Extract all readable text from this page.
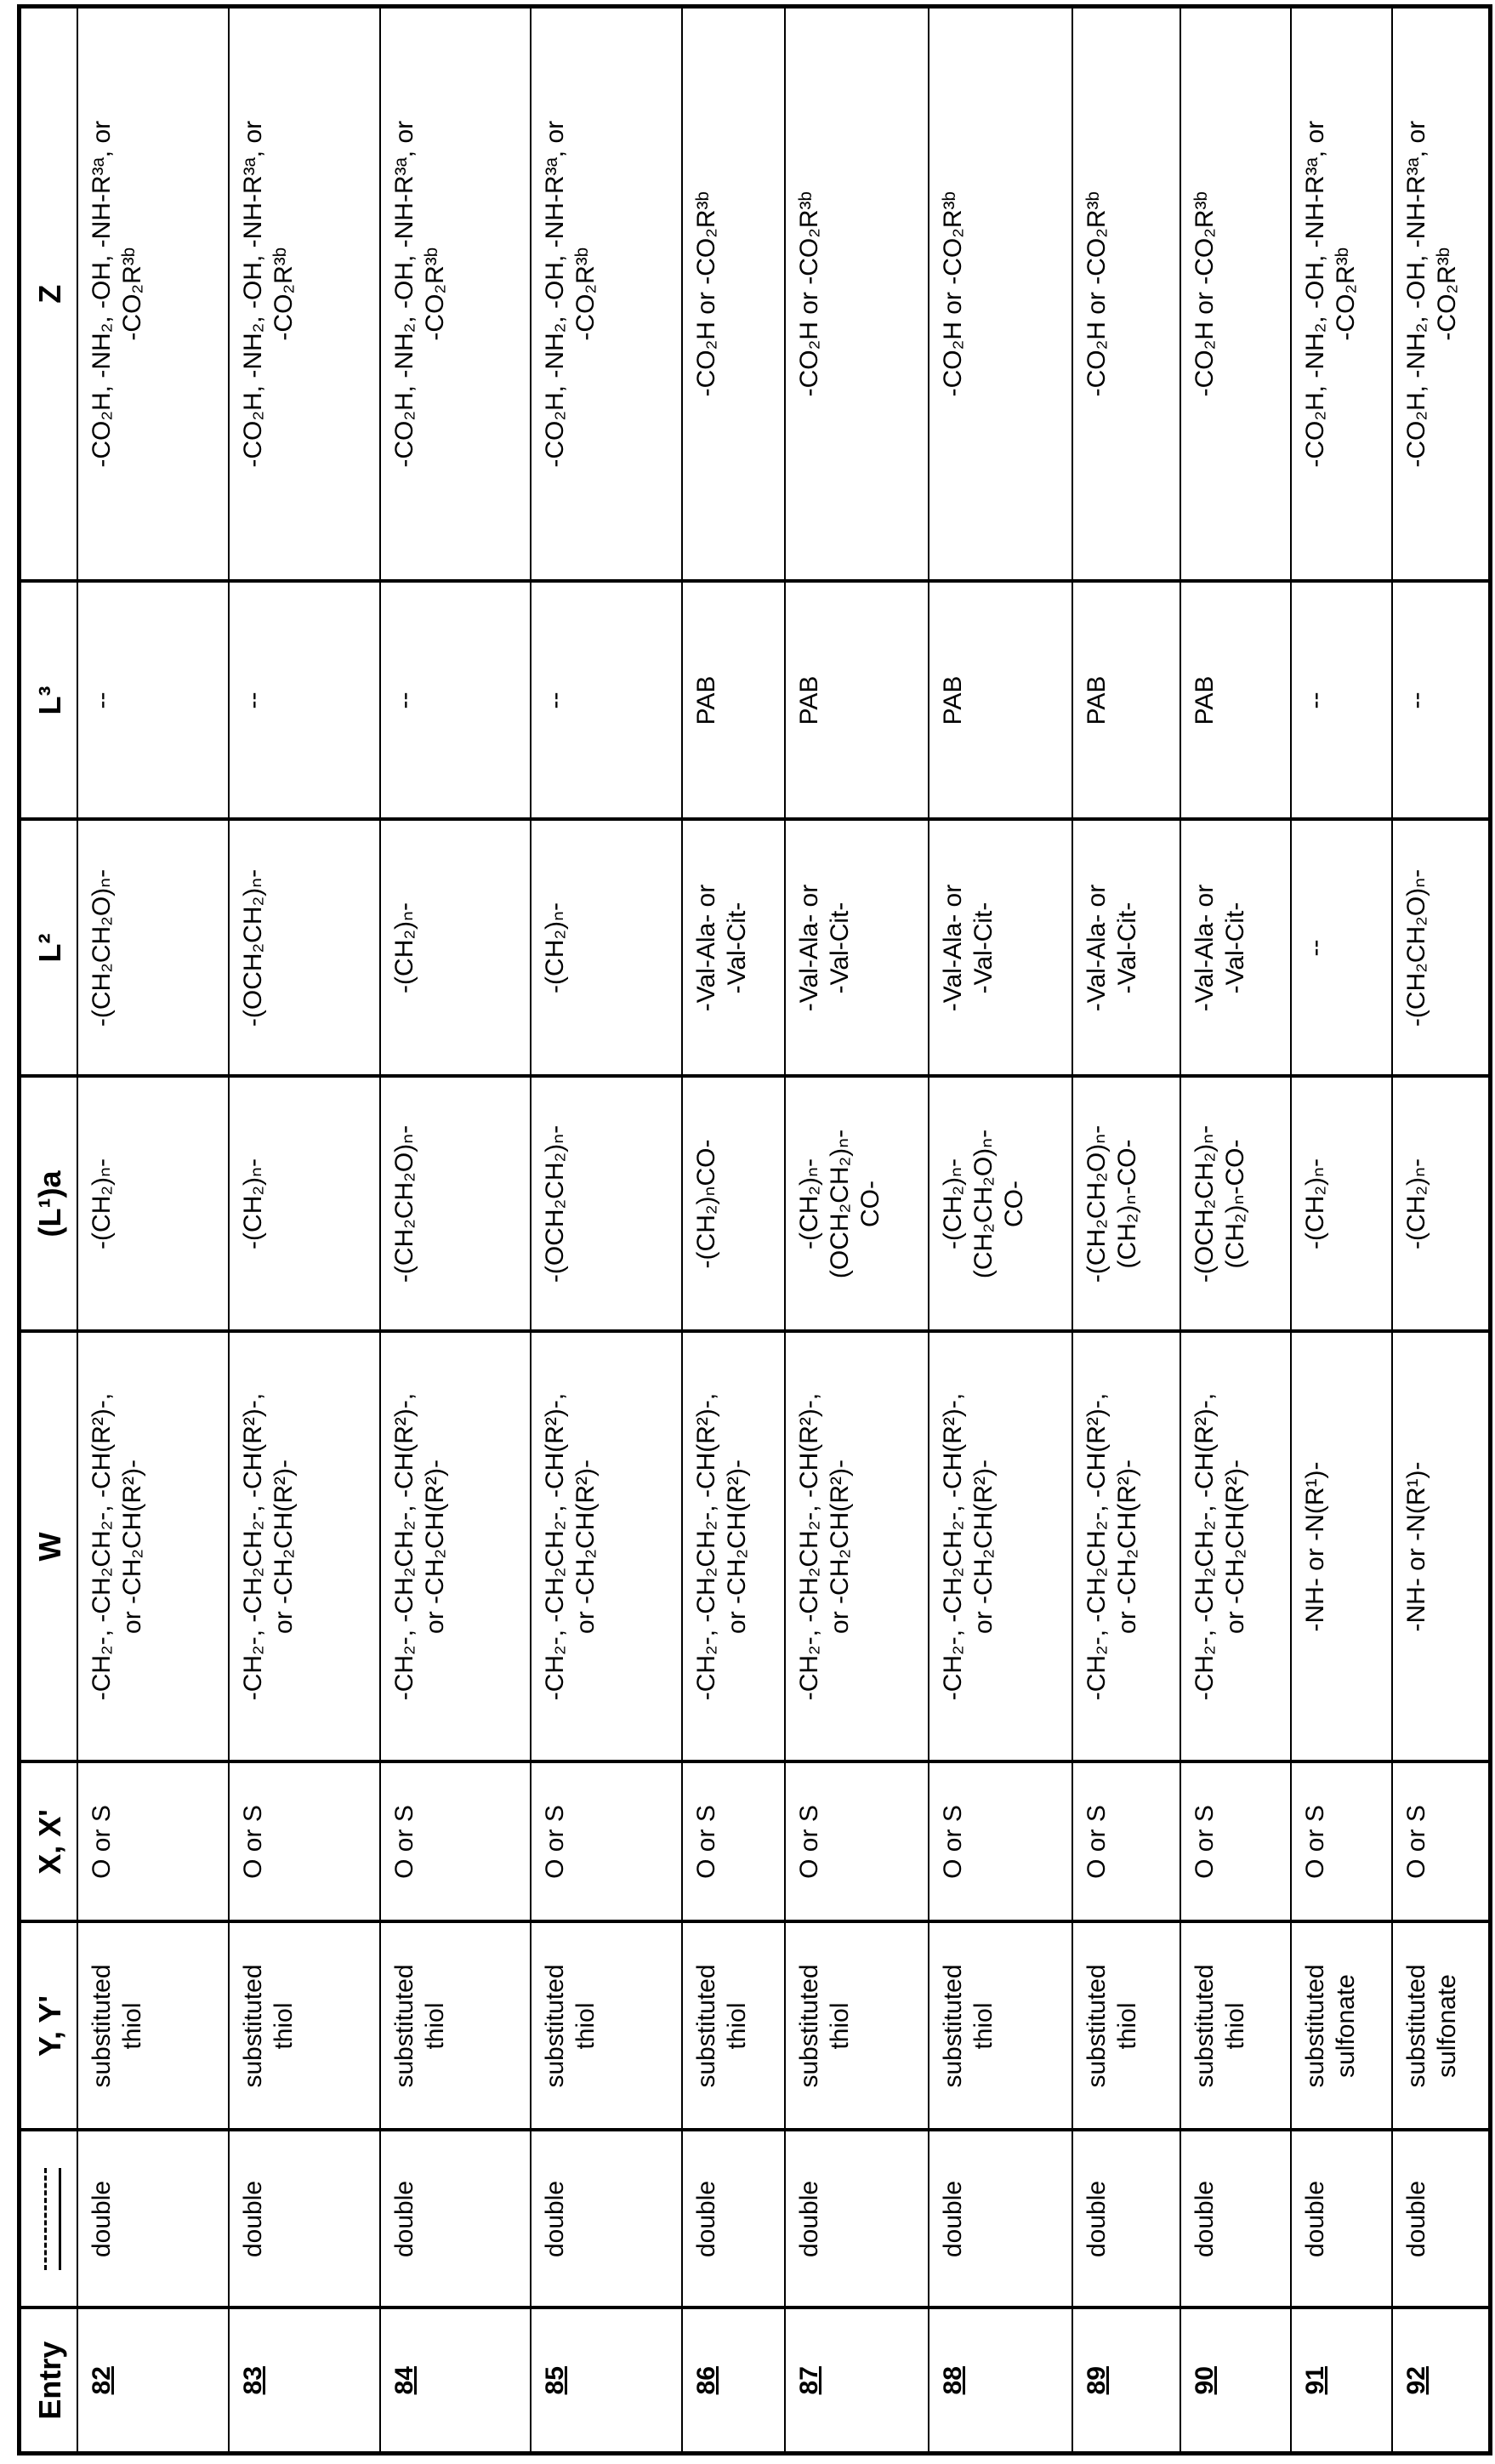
Entry		Y, Y'	X, X'	W	(L¹)a	L²	L³	Z
82	double	substituted
thiol	O or S	-CH₂-, -CH₂CH₂-, -CH(R²)-,
or -CH₂CH(R²)-	-(CH₂)ₙ-	-(CH₂CH₂O)ₙ-	--	-CO₂H, -NH₂, -OH, -NH-R³ᵃ, or
-CO₂R³ᵇ
83	double	substituted
thiol	O or S	-CH₂-, -CH₂CH₂-, -CH(R²)-,
or -CH₂CH(R²)-	-(CH₂)ₙ-	-(OCH₂CH₂)ₙ-	--	-CO₂H, -NH₂, -OH, -NH-R³ᵃ, or
-CO₂R³ᵇ
84	double	substituted
thiol	O or S	-CH₂-, -CH₂CH₂-, -CH(R²)-,
or -CH₂CH(R²)-	-(CH₂CH₂O)ₙ-	-(CH₂)ₙ-	--	-CO₂H, -NH₂, -OH, -NH-R³ᵃ, or
-CO₂R³ᵇ
85	double	substituted
thiol	O or S	-CH₂-, -CH₂CH₂-, -CH(R²)-,
or -CH₂CH(R²)-	-(OCH₂CH₂)ₙ-	-(CH₂)ₙ-	--	-CO₂H, -NH₂, -OH, -NH-R³ᵃ, or
-CO₂R³ᵇ
86	double	substituted
thiol	O or S	-CH₂-, -CH₂CH₂-, -CH(R²)-,
or -CH₂CH(R²)-	-(CH₂)ₙCO-	-Val-Ala- or
-Val-Cit-	PAB	-CO₂H or -CO₂R³ᵇ
87	double	substituted
thiol	O or S	-CH₂-, -CH₂CH₂-, -CH(R²)-,
or -CH₂CH(R²)-	-(CH₂)ₙ-
(OCH₂CH₂)ₙ-
CO-	-Val-Ala- or
-Val-Cit-	PAB	-CO₂H or -CO₂R³ᵇ
88	double	substituted
thiol	O or S	-CH₂-, -CH₂CH₂-, -CH(R²)-,
or -CH₂CH(R²)-	-(CH₂)ₙ-
(CH₂CH₂O)ₙ-
CO-	-Val-Ala- or
-Val-Cit-	PAB	-CO₂H or -CO₂R³ᵇ
89	double	substituted
thiol	O or S	-CH₂-, -CH₂CH₂-, -CH(R²)-,
or -CH₂CH(R²)-	-(CH₂CH₂O)ₙ-
(CH₂)ₙ-CO-	-Val-Ala- or
-Val-Cit-	PAB	-CO₂H or -CO₂R³ᵇ
90	double	substituted
thiol	O or S	-CH₂-, -CH₂CH₂-, -CH(R²)-,
or -CH₂CH(R²)-	-(OCH₂CH₂)ₙ-
(CH₂)ₙ-CO-	-Val-Ala- or
-Val-Cit-	PAB	-CO₂H or -CO₂R³ᵇ
91	double	substituted
sulfonate	O or S	-NH- or -N(R¹)-	-(CH₂)ₙ-	--	--	-CO₂H, -NH₂, -OH, -NH-R³ᵃ, or
-CO₂R³ᵇ
92	double	substituted
sulfonate	O or S	-NH- or -N(R¹)-	-(CH₂)ₙ-	-(CH₂CH₂O)ₙ-	--	-CO₂H, -NH₂, -OH, -NH-R³ᵃ, or
-CO₂R³ᵇ
